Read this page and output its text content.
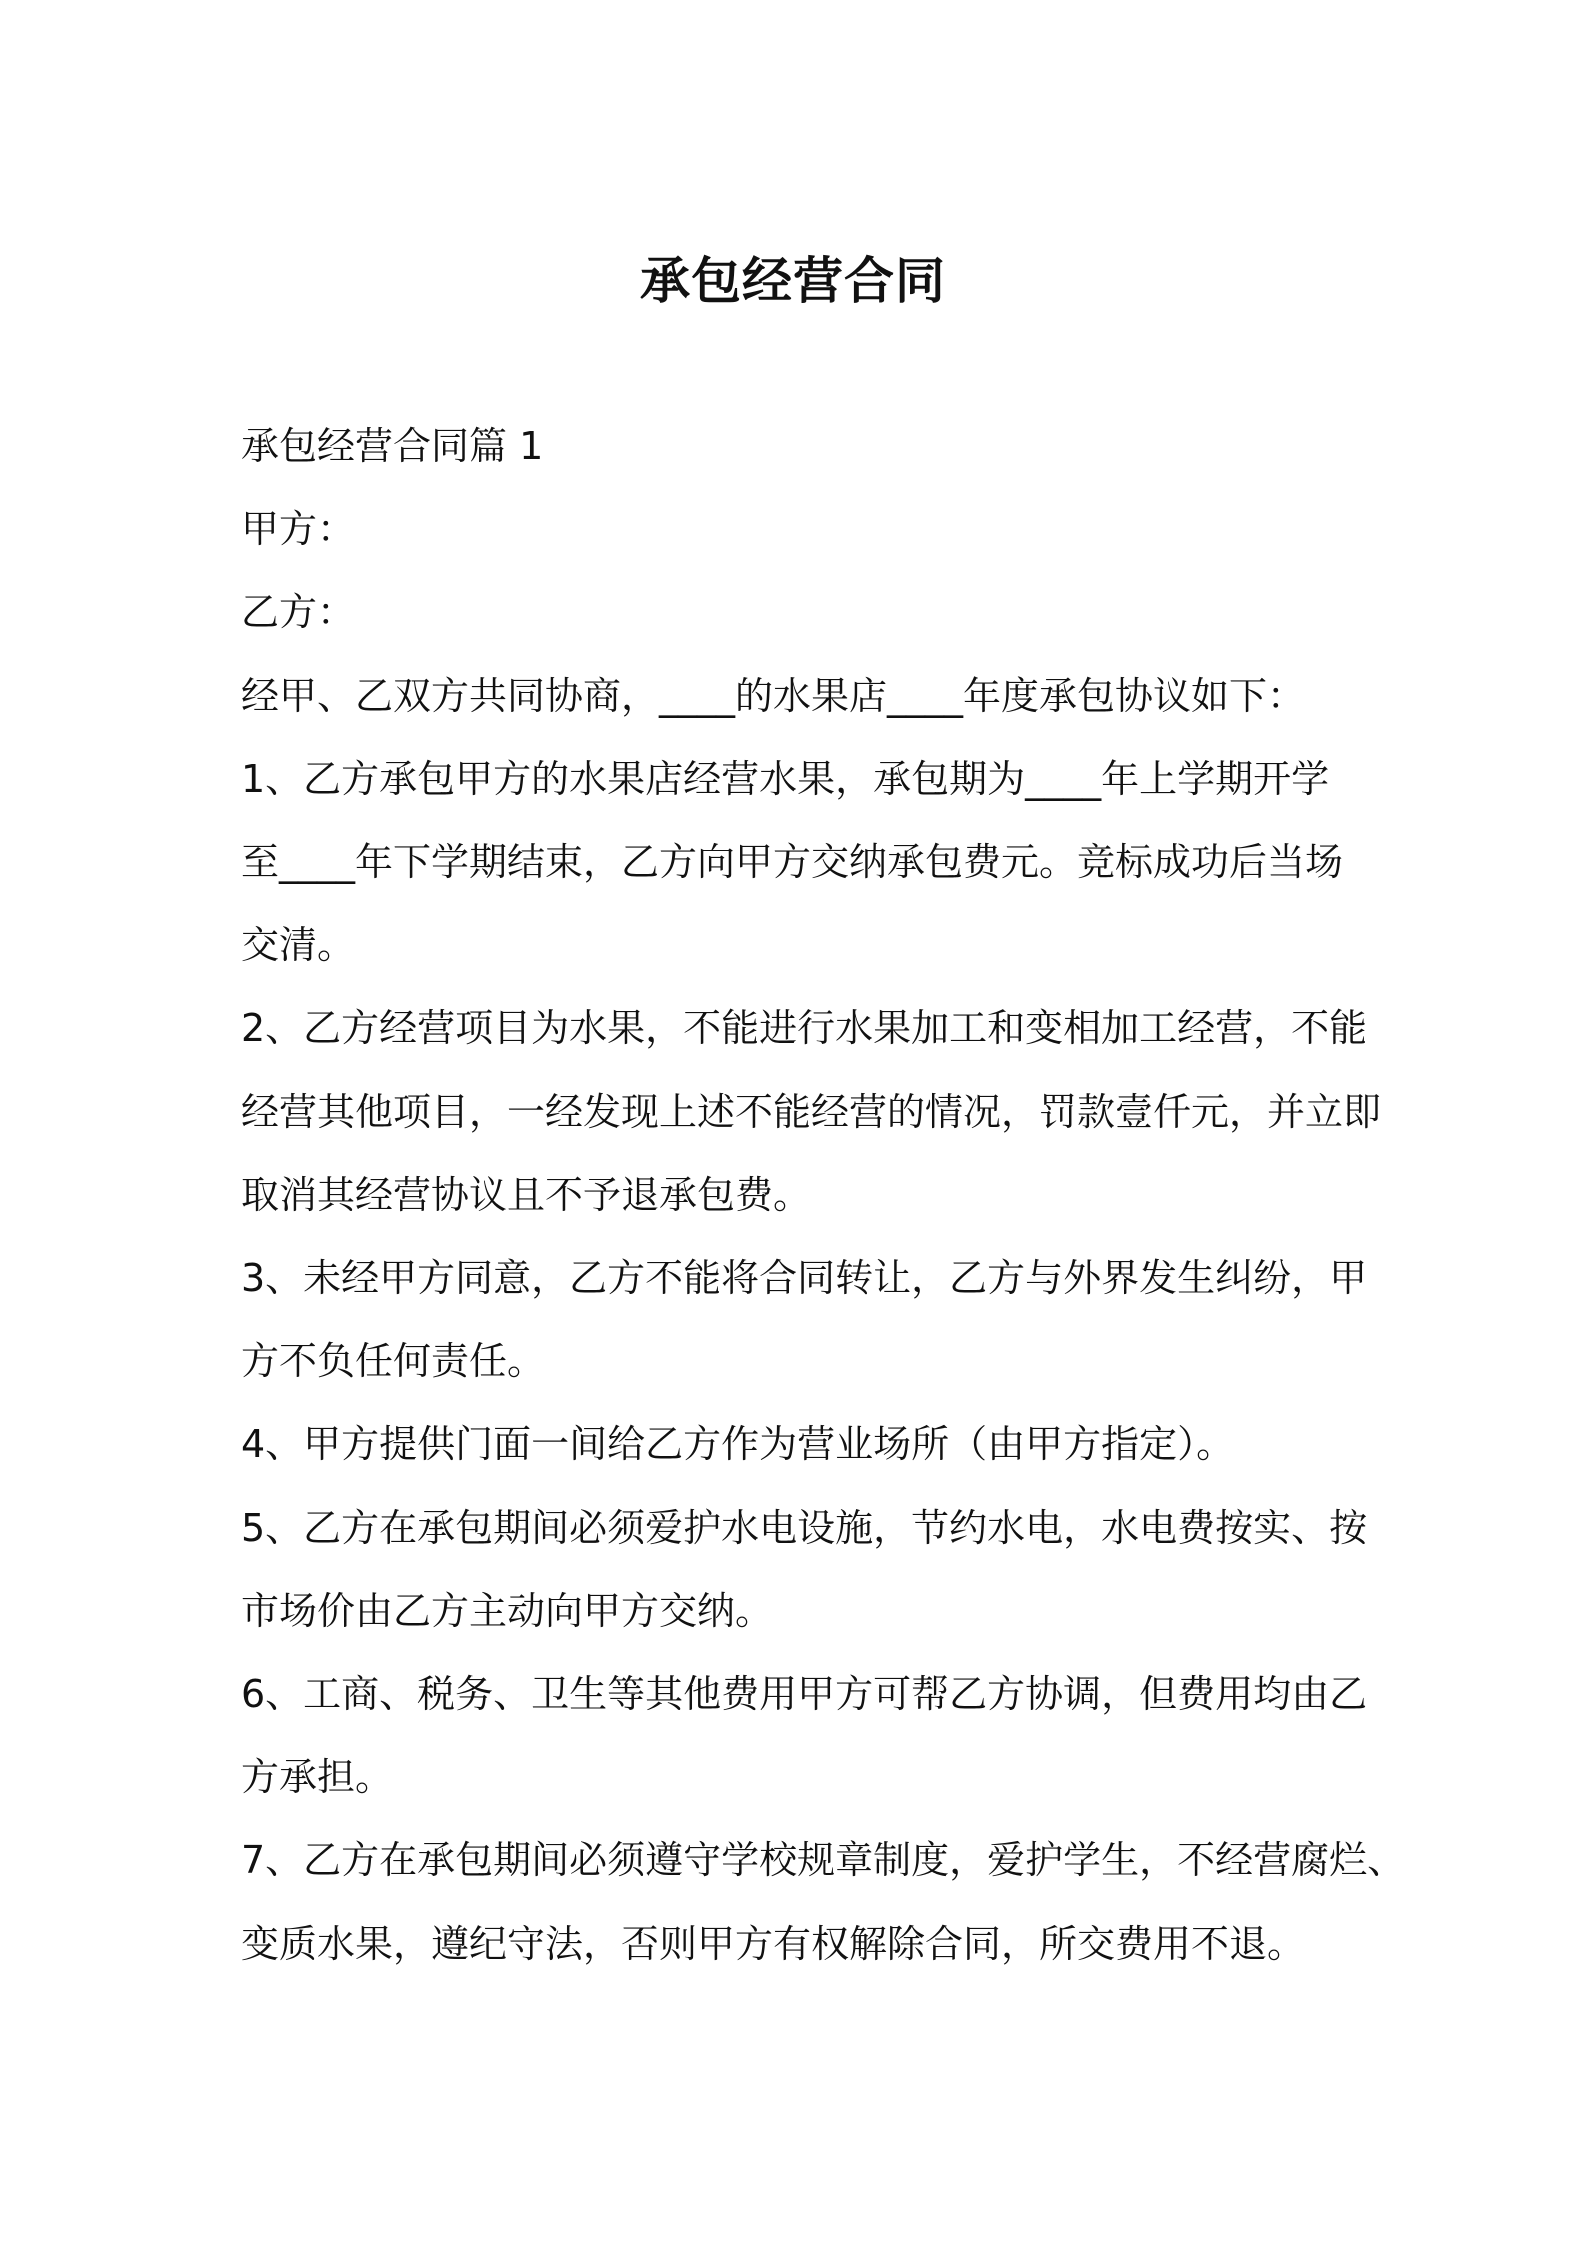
承包经营合同

承包经营合同篇 1

甲方：

乙方：

经甲、乙双方共同协商，____的水果店____年度承包协议如下：

1、乙方承包甲方的水果店经营水果，承包期为____年上学期开学

至____年下学期结束，乙方向甲方交纳承包费元。竞标成功后当场

交清。

2、乙方经营项目为水果，不能进行水果加工和变相加工经营，不能

经营其他项目，一经发现上述不能经营的情况，罚款壹仟元，并立即

取消其经营协议且不予退承包费。

3、未经甲方同意，乙方不能将合同转让，乙方与外界发生纠纷，甲

方不负任何责任。

4、甲方提供门面一间给乙方作为营业场所（由甲方指定）。

5、乙方在承包期间必须爱护水电设施，节约水电，水电费按实、按

市场价由乙方主动向甲方交纳。

6、工商、税务、卫生等其他费用甲方可帮乙方协调，但费用均由乙

方承担。

7、乙方在承包期间必须遵守学校规章制度，爱护学生，不经营腐烂、

变质水果，遵纪守法，否则甲方有权解除合同，所交费用不退。
